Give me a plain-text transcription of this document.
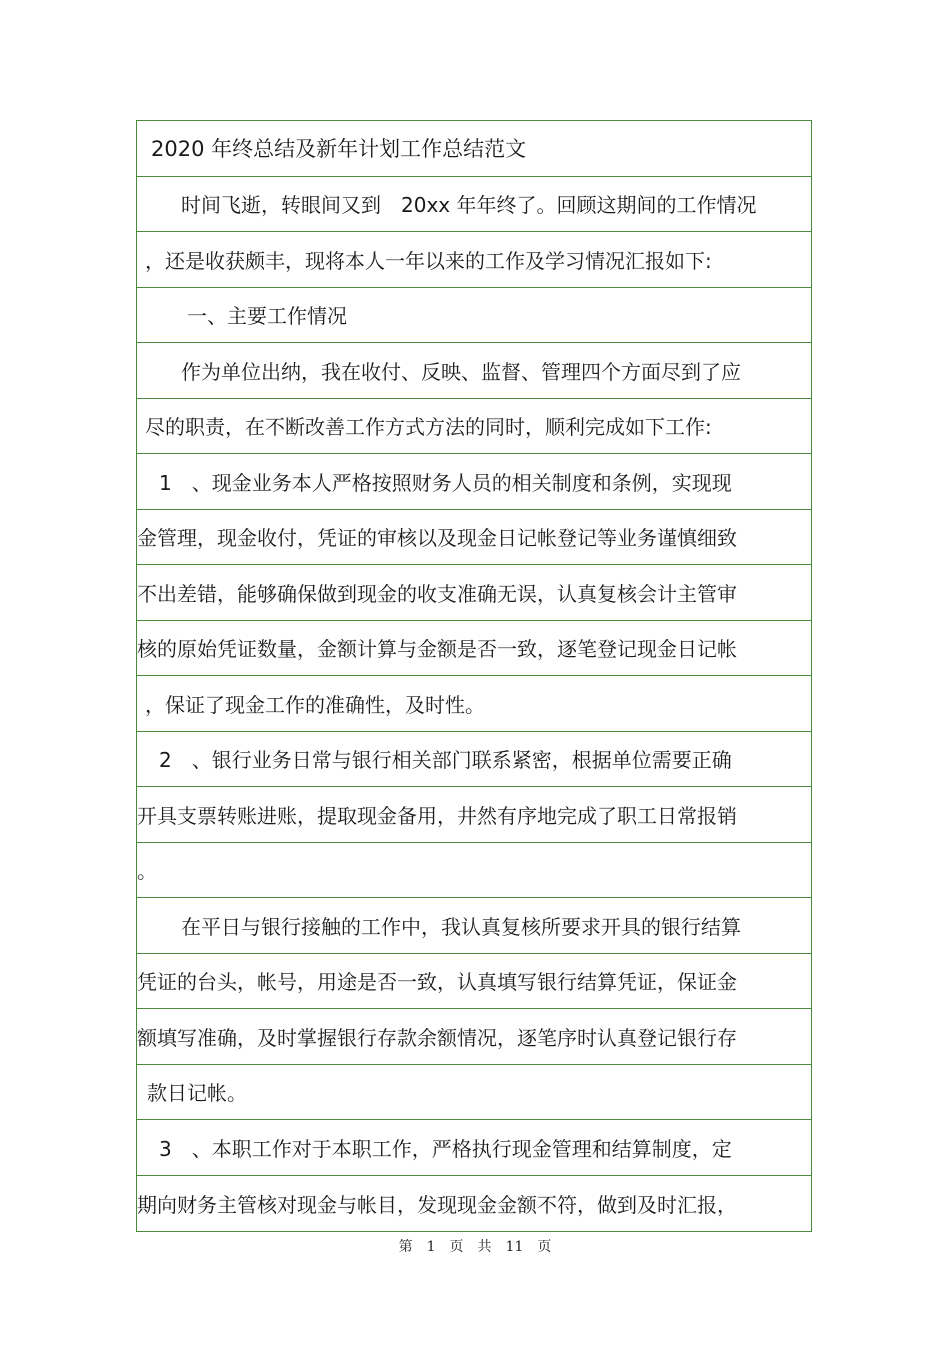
2020 年终总结及新年计划工作总结范文
时间飞逝，转眼间又到　20xx 年年终了。回顾这期间的工作情况
，还是收获颇丰，现将本人一年以来的工作及学习情况汇报如下:
一、主要工作情况
作为单位出纳，我在收付、反映、监督、管理四个方面尽到了应
尽的职责，在不断改善工作方式方法的同时，顺利完成如下工作:
1　、现金业务本人严格按照财务人员的相关制度和条例，实现现
金管理，现金收付，凭证的审核以及现金日记帐登记等业务谨慎细致
不出差错，能够确保做到现金的收支准确无误，认真复核会计主管审
核的原始凭证数量，金额计算与金额是否一致，逐笔登记现金日记帐
，保证了现金工作的准确性，及时性。
2　、银行业务日常与银行相关部门联系紧密，根据单位需要正确
开具支票转账进账，提取现金备用，井然有序地完成了职工日常报销
。
在平日与银行接触的工作中，我认真复核所要求开具的银行结算
凭证的台头，帐号，用途是否一致，认真填写银行结算凭证，保证金
额填写准确，及时掌握银行存款余额情况，逐笔序时认真登记银行存
款日记帐。
3　、本职工作对于本职工作，严格执行现金管理和结算制度，定
期向财务主管核对现金与帐目，发现现金金额不符，做到及时汇报，
第　1　页　共　11　页
